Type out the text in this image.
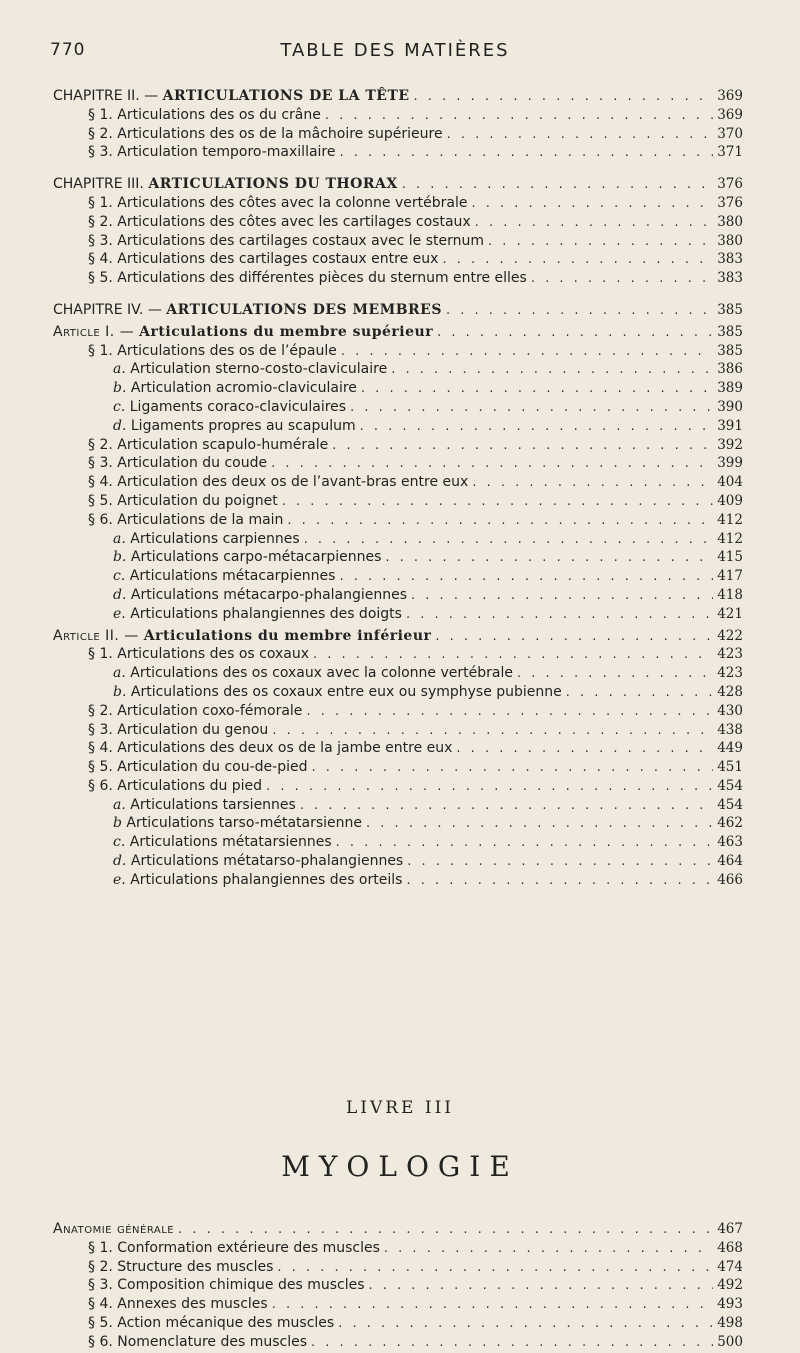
770	TABLE DES MATIÈRES
CHAPITRE II. — ARTICULATIONS DE LA TÊTE . . .	369
§ 1. Articulations des os du crâne . . .	369
§ 2. Articulations des os de la mâchoire supérieure . . .	370
§ 3. Articulation temporo-maxillaire . . .	371
CHAPITRE III. ARTICULATIONS DU THORAX . . .	376
§ 1. Articulations des côtes avec la colonne vertébrale . . .	376
§ 2. Articulations des côtes avec les cartilages costaux . . .	380
§ 3. Articulations des cartilages costaux avec le sternum . . .	380
§ 4. Articulations des cartilages costaux entre eux . . .	383
§ 5. Articulations des différentes pièces du sternum entre elles . . .	383
CHAPITRE IV. — ARTICULATIONS DES MEMBRES . . .	385
Article I. — Articulations du membre supérieur . . .	385
§ 1. Articulations des os de l’épaule . . .	385
a. Articulation sterno-costo-claviculaire . . .	386
b. Articulation acromio-claviculaire . . .	389
c. Ligaments coraco-claviculaires . . .	390
d. Ligaments propres au scapulum . . .	391
§ 2. Articulation scapulo-humérale . . .	392
§ 3. Articulation du coude . . .	399
§ 4. Articulation des deux os de l’avant-bras entre eux . . .	404
§ 5. Articulation du poignet . . .	409
§ 6. Articulations de la main . . .	412
a. Articulations carpiennes . . .	412
b. Articulations carpo-métacarpiennes . . .	415
c. Articulations métacarpiennes . . .	417
d. Articulations métacarpo-phalangiennes . . .	418
e. Articulations phalangiennes des doigts . . .	421
Article II. — Articulations du membre inférieur . . .	422
§ 1. Articulations des os coxaux . . .	423
a. Articulations des os coxaux avec la colonne vertébrale . . .	423
b. Articulations des os coxaux entre eux ou symphyse pubienne . . .	428
§ 2. Articulation coxo-fémorale . . .	430
§ 3. Articulation du genou . . .	438
§ 4. Articulations des deux os de la jambe entre eux . . .	449
§ 5. Articulation du cou-de-pied . . .	451
§ 6. Articulations du pied . . .	454
a. Articulations tarsiennes . . .	454
b Articulations tarso-métatarsienne . . .	462
c. Articulations métatarsiennes . . .	463
d. Articulations métatarso-phalangiennes . . .	464
e. Articulations phalangiennes des orteils . . .	466
LIVRE III
MYOLOGIE
Anatomie générale . . .	467
§ 1. Conformation extérieure des muscles . . .	468
§ 2. Structure des muscles . . .	474
§ 3. Composition chimique des muscles . . .	492
§ 4. Annexes des muscles . . .	493
§ 5. Action mécanique des muscles . . .	498
§ 6. Nomenclature des muscles . . .	500
